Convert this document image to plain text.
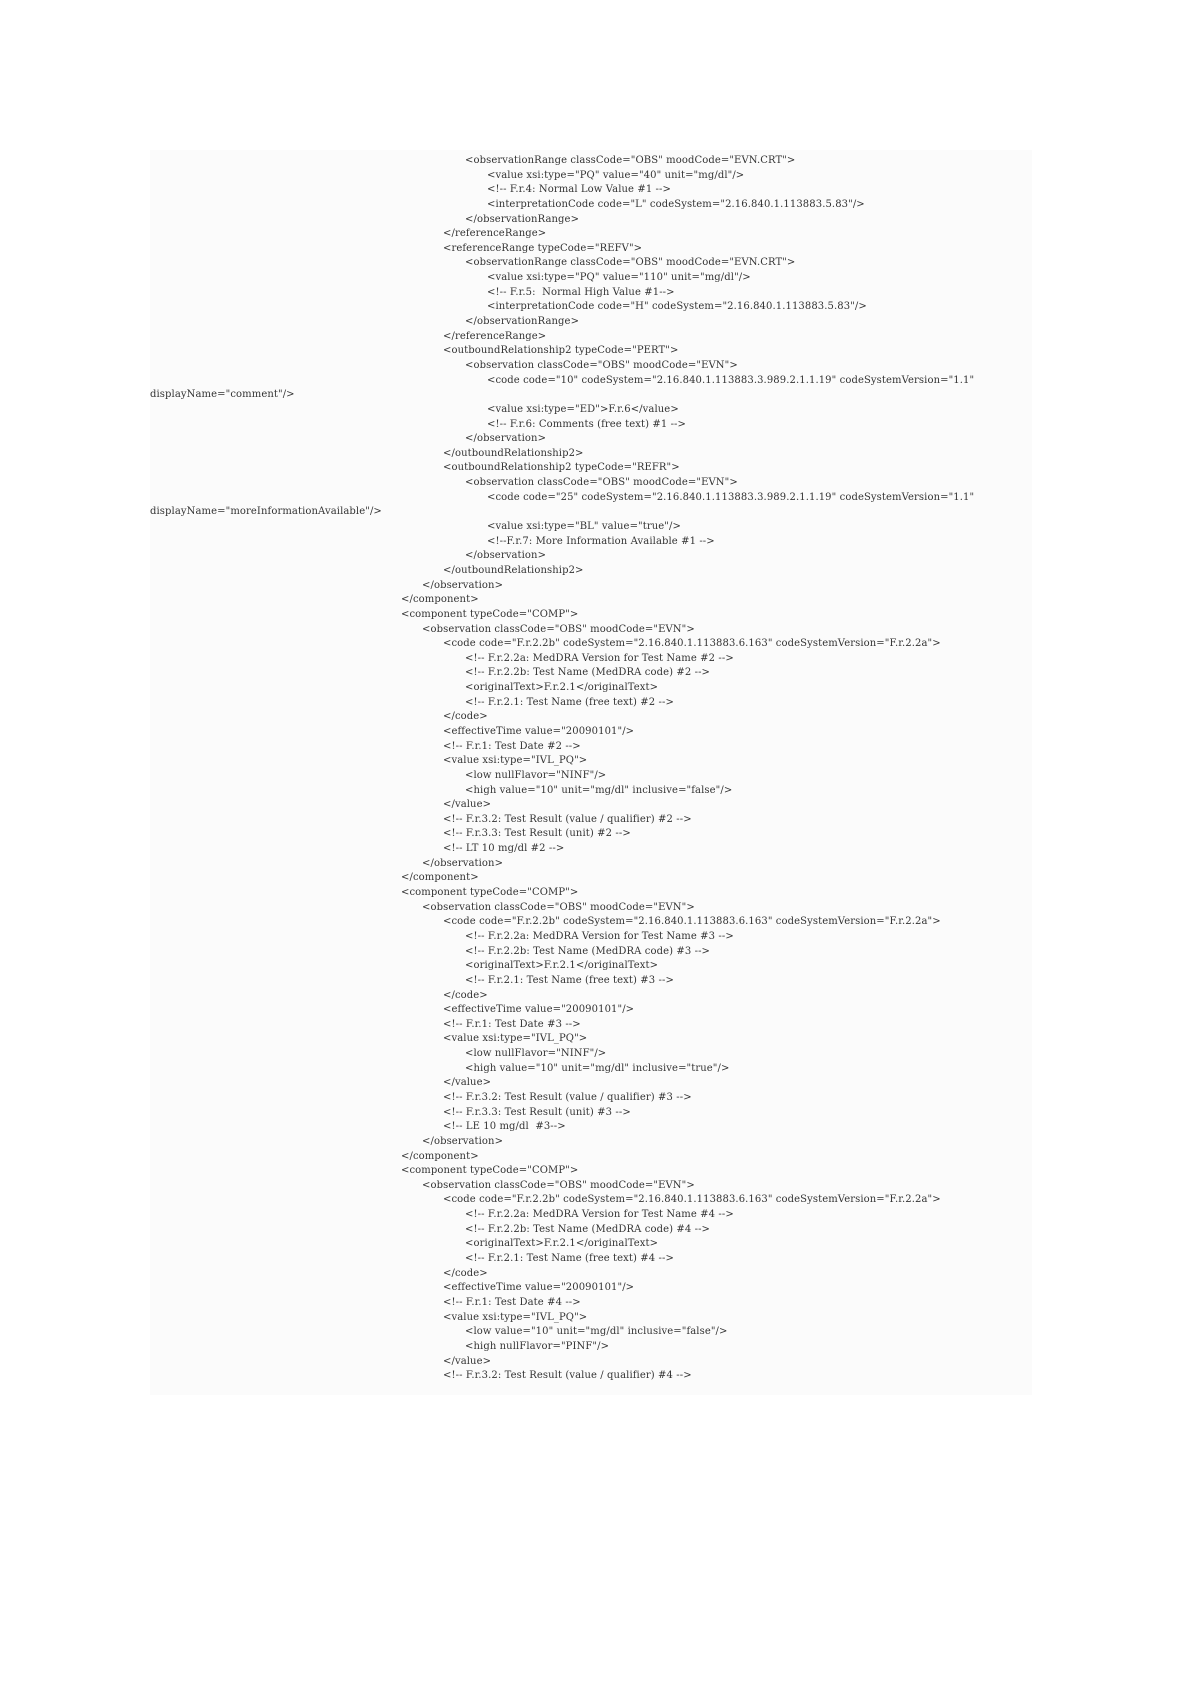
<observationRange classCode="OBS" moodCode="EVN.CRT">
<value xsi:type="PQ" value="40" unit="mg/dl"/>
<!-- F.r.4: Normal Low Value #1 -->
<interpretationCode code="L" codeSystem="2.16.840.1.113883.5.83"/>
</observationRange>
</referenceRange>
<referenceRange typeCode="REFV">
<observationRange classCode="OBS" moodCode="EVN.CRT">
<value xsi:type="PQ" value="110" unit="mg/dl"/>
<!-- F.r.5:  Normal High Value #1-->
<interpretationCode code="H" codeSystem="2.16.840.1.113883.5.83"/>
</observationRange>
</referenceRange>
<outboundRelationship2 typeCode="PERT">
<observation classCode="OBS" moodCode="EVN">
<code code="10" codeSystem="2.16.840.1.113883.3.989.2.1.1.19" codeSystemVersion="1.1"
displayName="comment"/>
<value xsi:type="ED">F.r.6</value>
<!-- F.r.6: Comments (free text) #1 -->
</observation>
</outboundRelationship2>
<outboundRelationship2 typeCode="REFR">
<observation classCode="OBS" moodCode="EVN">
<code code="25" codeSystem="2.16.840.1.113883.3.989.2.1.1.19" codeSystemVersion="1.1"
displayName="moreInformationAvailable"/>
<value xsi:type="BL" value="true"/>
<!--F.r.7: More Information Available #1 -->
</observation>
</outboundRelationship2>
</observation>
</component>
<component typeCode="COMP">
<observation classCode="OBS" moodCode="EVN">
<code code="F.r.2.2b" codeSystem="2.16.840.1.113883.6.163" codeSystemVersion="F.r.2.2a">
<!-- F.r.2.2a: MedDRA Version for Test Name #2 -->
<!-- F.r.2.2b: Test Name (MedDRA code) #2 -->
<originalText>F.r.2.1</originalText>
<!-- F.r.2.1: Test Name (free text) #2 -->
</code>
<effectiveTime value="20090101"/>
<!-- F.r.1: Test Date #2 -->
<value xsi:type="IVL_PQ">
<low nullFlavor="NINF"/>
<high value="10" unit="mg/dl" inclusive="false"/>
</value>
<!-- F.r.3.2: Test Result (value / qualifier) #2 -->
<!-- F.r.3.3: Test Result (unit) #2 -->
<!-- LT 10 mg/dl #2 -->
</observation>
</component>
<component typeCode="COMP">
<observation classCode="OBS" moodCode="EVN">
<code code="F.r.2.2b" codeSystem="2.16.840.1.113883.6.163" codeSystemVersion="F.r.2.2a">
<!-- F.r.2.2a: MedDRA Version for Test Name #3 -->
<!-- F.r.2.2b: Test Name (MedDRA code) #3 -->
<originalText>F.r.2.1</originalText>
<!-- F.r.2.1: Test Name (free text) #3 -->
</code>
<effectiveTime value="20090101"/>
<!-- F.r.1: Test Date #3 -->
<value xsi:type="IVL_PQ">
<low nullFlavor="NINF"/>
<high value="10" unit="mg/dl" inclusive="true"/>
</value>
<!-- F.r.3.2: Test Result (value / qualifier) #3 -->
<!-- F.r.3.3: Test Result (unit) #3 -->
<!-- LE 10 mg/dl  #3-->
</observation>
</component>
<component typeCode="COMP">
<observation classCode="OBS" moodCode="EVN">
<code code="F.r.2.2b" codeSystem="2.16.840.1.113883.6.163" codeSystemVersion="F.r.2.2a">
<!-- F.r.2.2a: MedDRA Version for Test Name #4 -->
<!-- F.r.2.2b: Test Name (MedDRA code) #4 -->
<originalText>F.r.2.1</originalText>
<!-- F.r.2.1: Test Name (free text) #4 -->
</code>
<effectiveTime value="20090101"/>
<!-- F.r.1: Test Date #4 -->
<value xsi:type="IVL_PQ">
<low value="10" unit="mg/dl" inclusive="false"/>
<high nullFlavor="PINF"/>
</value>
<!-- F.r.3.2: Test Result (value / qualifier) #4 -->
